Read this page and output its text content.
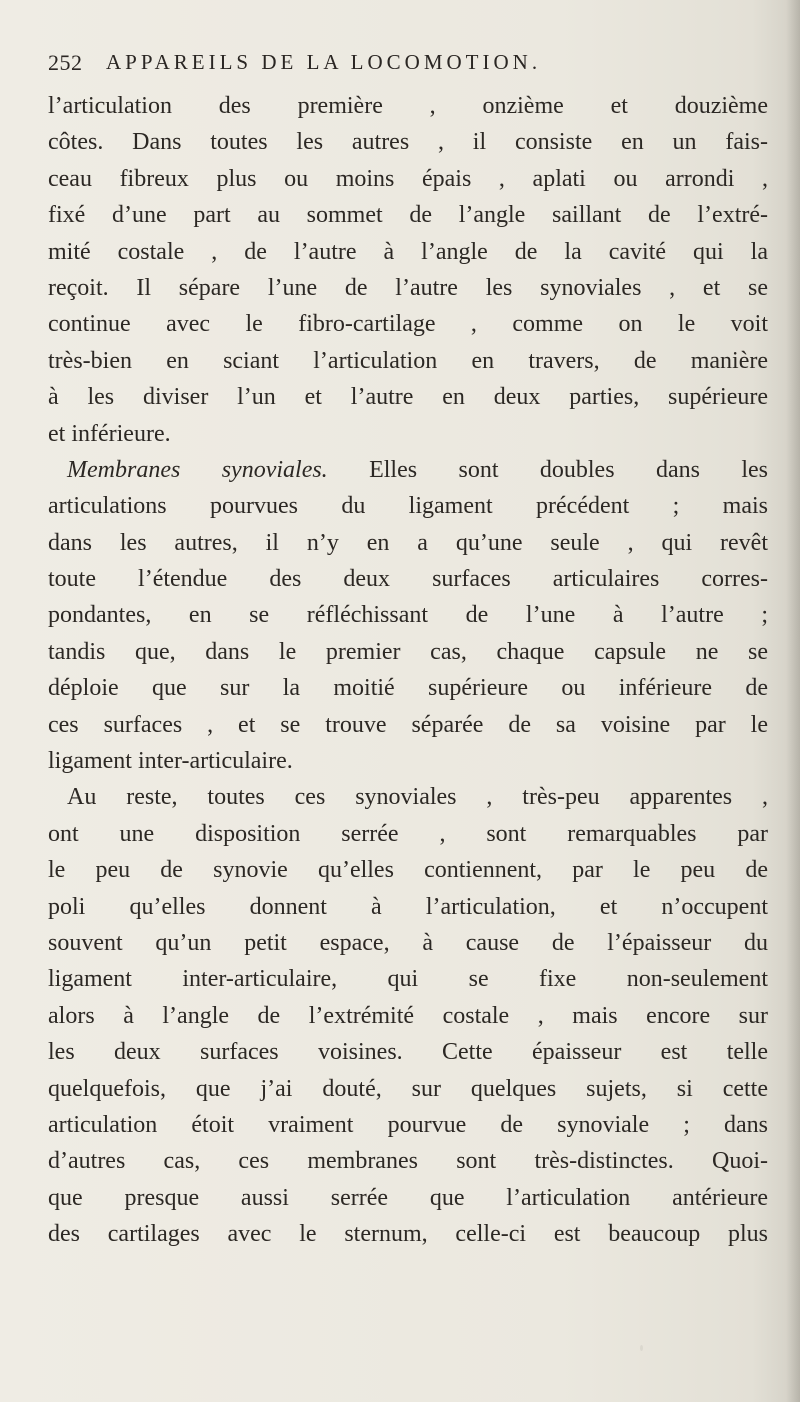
252 APPAREILS DE LA LOCOMOTION.
l’articulation des première , onzième et douzième
côtes. Dans toutes les autres , il consiste en un fais-
ceau fibreux plus ou moins épais , aplati ou arrondi ,
fixé d’une part au sommet de l’angle saillant de l’extré-
mité costale , de l’autre à l’angle de la cavité qui la
reçoit. Il sépare l’une de l’autre les synoviales , et se
continue avec le fibro-cartilage , comme on le voit
très-bien en sciant l’articulation en travers, de manière
à les diviser l’un et l’autre en deux parties, supérieure
et inférieure.
Membranes synoviales. Elles sont doubles dans les
articulations pourvues du ligament précédent ; mais
dans les autres, il n’y en a qu’une seule , qui revêt
toute l’étendue des deux surfaces articulaires corres-
pondantes, en se réfléchissant de l’une à l’autre ;
tandis que, dans le premier cas, chaque capsule ne se
déploie que sur la moitié supérieure ou inférieure de
ces surfaces , et se trouve séparée de sa voisine par le
ligament inter-articulaire.
Au reste, toutes ces synoviales , très-peu apparentes ,
ont une disposition serrée , sont remarquables par
le peu de synovie qu’elles contiennent, par le peu de
poli qu’elles donnent à l’articulation, et n’occupent
souvent qu’un petit espace, à cause de l’épaisseur du
ligament inter-articulaire, qui se fixe non-seulement
alors à l’angle de l’extrémité costale , mais encore sur
les deux surfaces voisines. Cette épaisseur est telle
quelquefois, que j’ai douté, sur quelques sujets, si cette
articulation étoit vraiment pourvue de synoviale ; dans
d’autres cas, ces membranes sont très-distinctes. Quoi-
que presque aussi serrée que l’articulation antérieure
des cartilages avec le sternum, celle-ci est beaucoup plus
